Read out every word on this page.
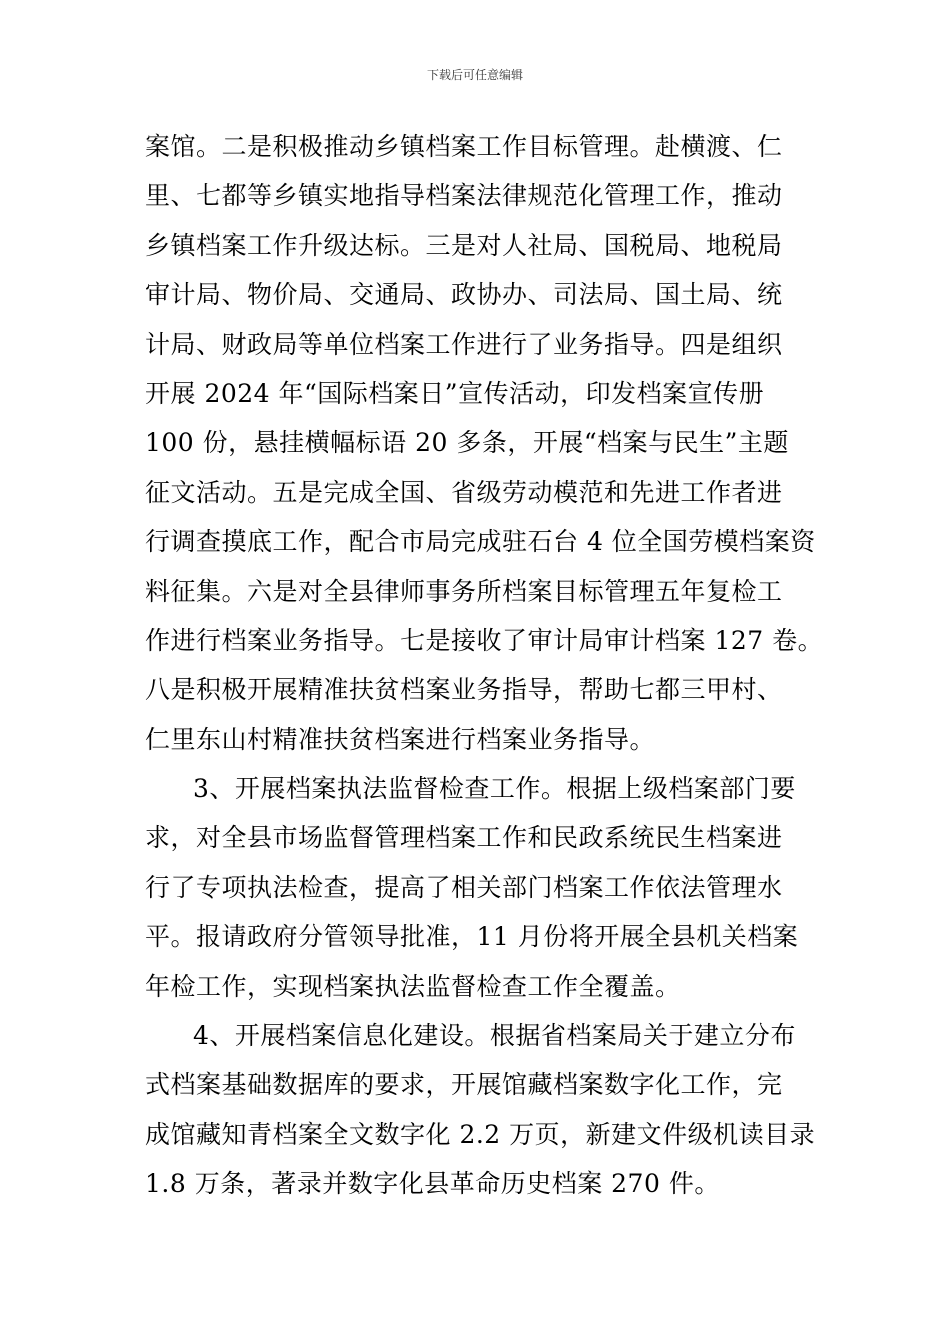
下载后可任意编辑
案馆。二是积极推动乡镇档案工作目标管理。赴横渡、仁
里、七都等乡镇实地指导档案法律规范化管理工作，推动
乡镇档案工作升级达标。三是对人社局、国税局、地税局
审计局、物价局、交通局、政协办、司法局、国土局、统
计局、财政局等单位档案工作进行了业务指导。四是组织
开展 2024 年“国际档案日”宣传活动，印发档案宣传册
100 份，悬挂横幅标语 20 多条，开展“档案与民生”主题
征文活动。五是完成全国、省级劳动模范和先进工作者进
行调查摸底工作，配合市局完成驻石台 4 位全国劳模档案资
料征集。六是对全县律师事务所档案目标管理五年复检工
作进行档案业务指导。七是接收了审计局审计档案 127 卷。
八是积极开展精准扶贫档案业务指导，帮助七都三甲村、
仁里东山村精准扶贫档案进行档案业务指导。
3、开展档案执法监督检查工作。根据上级档案部门要
求，对全县市场监督管理档案工作和民政系统民生档案进
行了专项执法检查，提高了相关部门档案工作依法管理水
平。报请政府分管领导批准，11 月份将开展全县机关档案
年检工作，实现档案执法监督检查工作全覆盖。
4、开展档案信息化建设。根据省档案局关于建立分布
式档案基础数据库的要求，开展馆藏档案数字化工作，完
成馆藏知青档案全文数字化 2.2 万页，新建文件级机读目录
1.8 万条，著录并数字化县革命历史档案 270 件。
